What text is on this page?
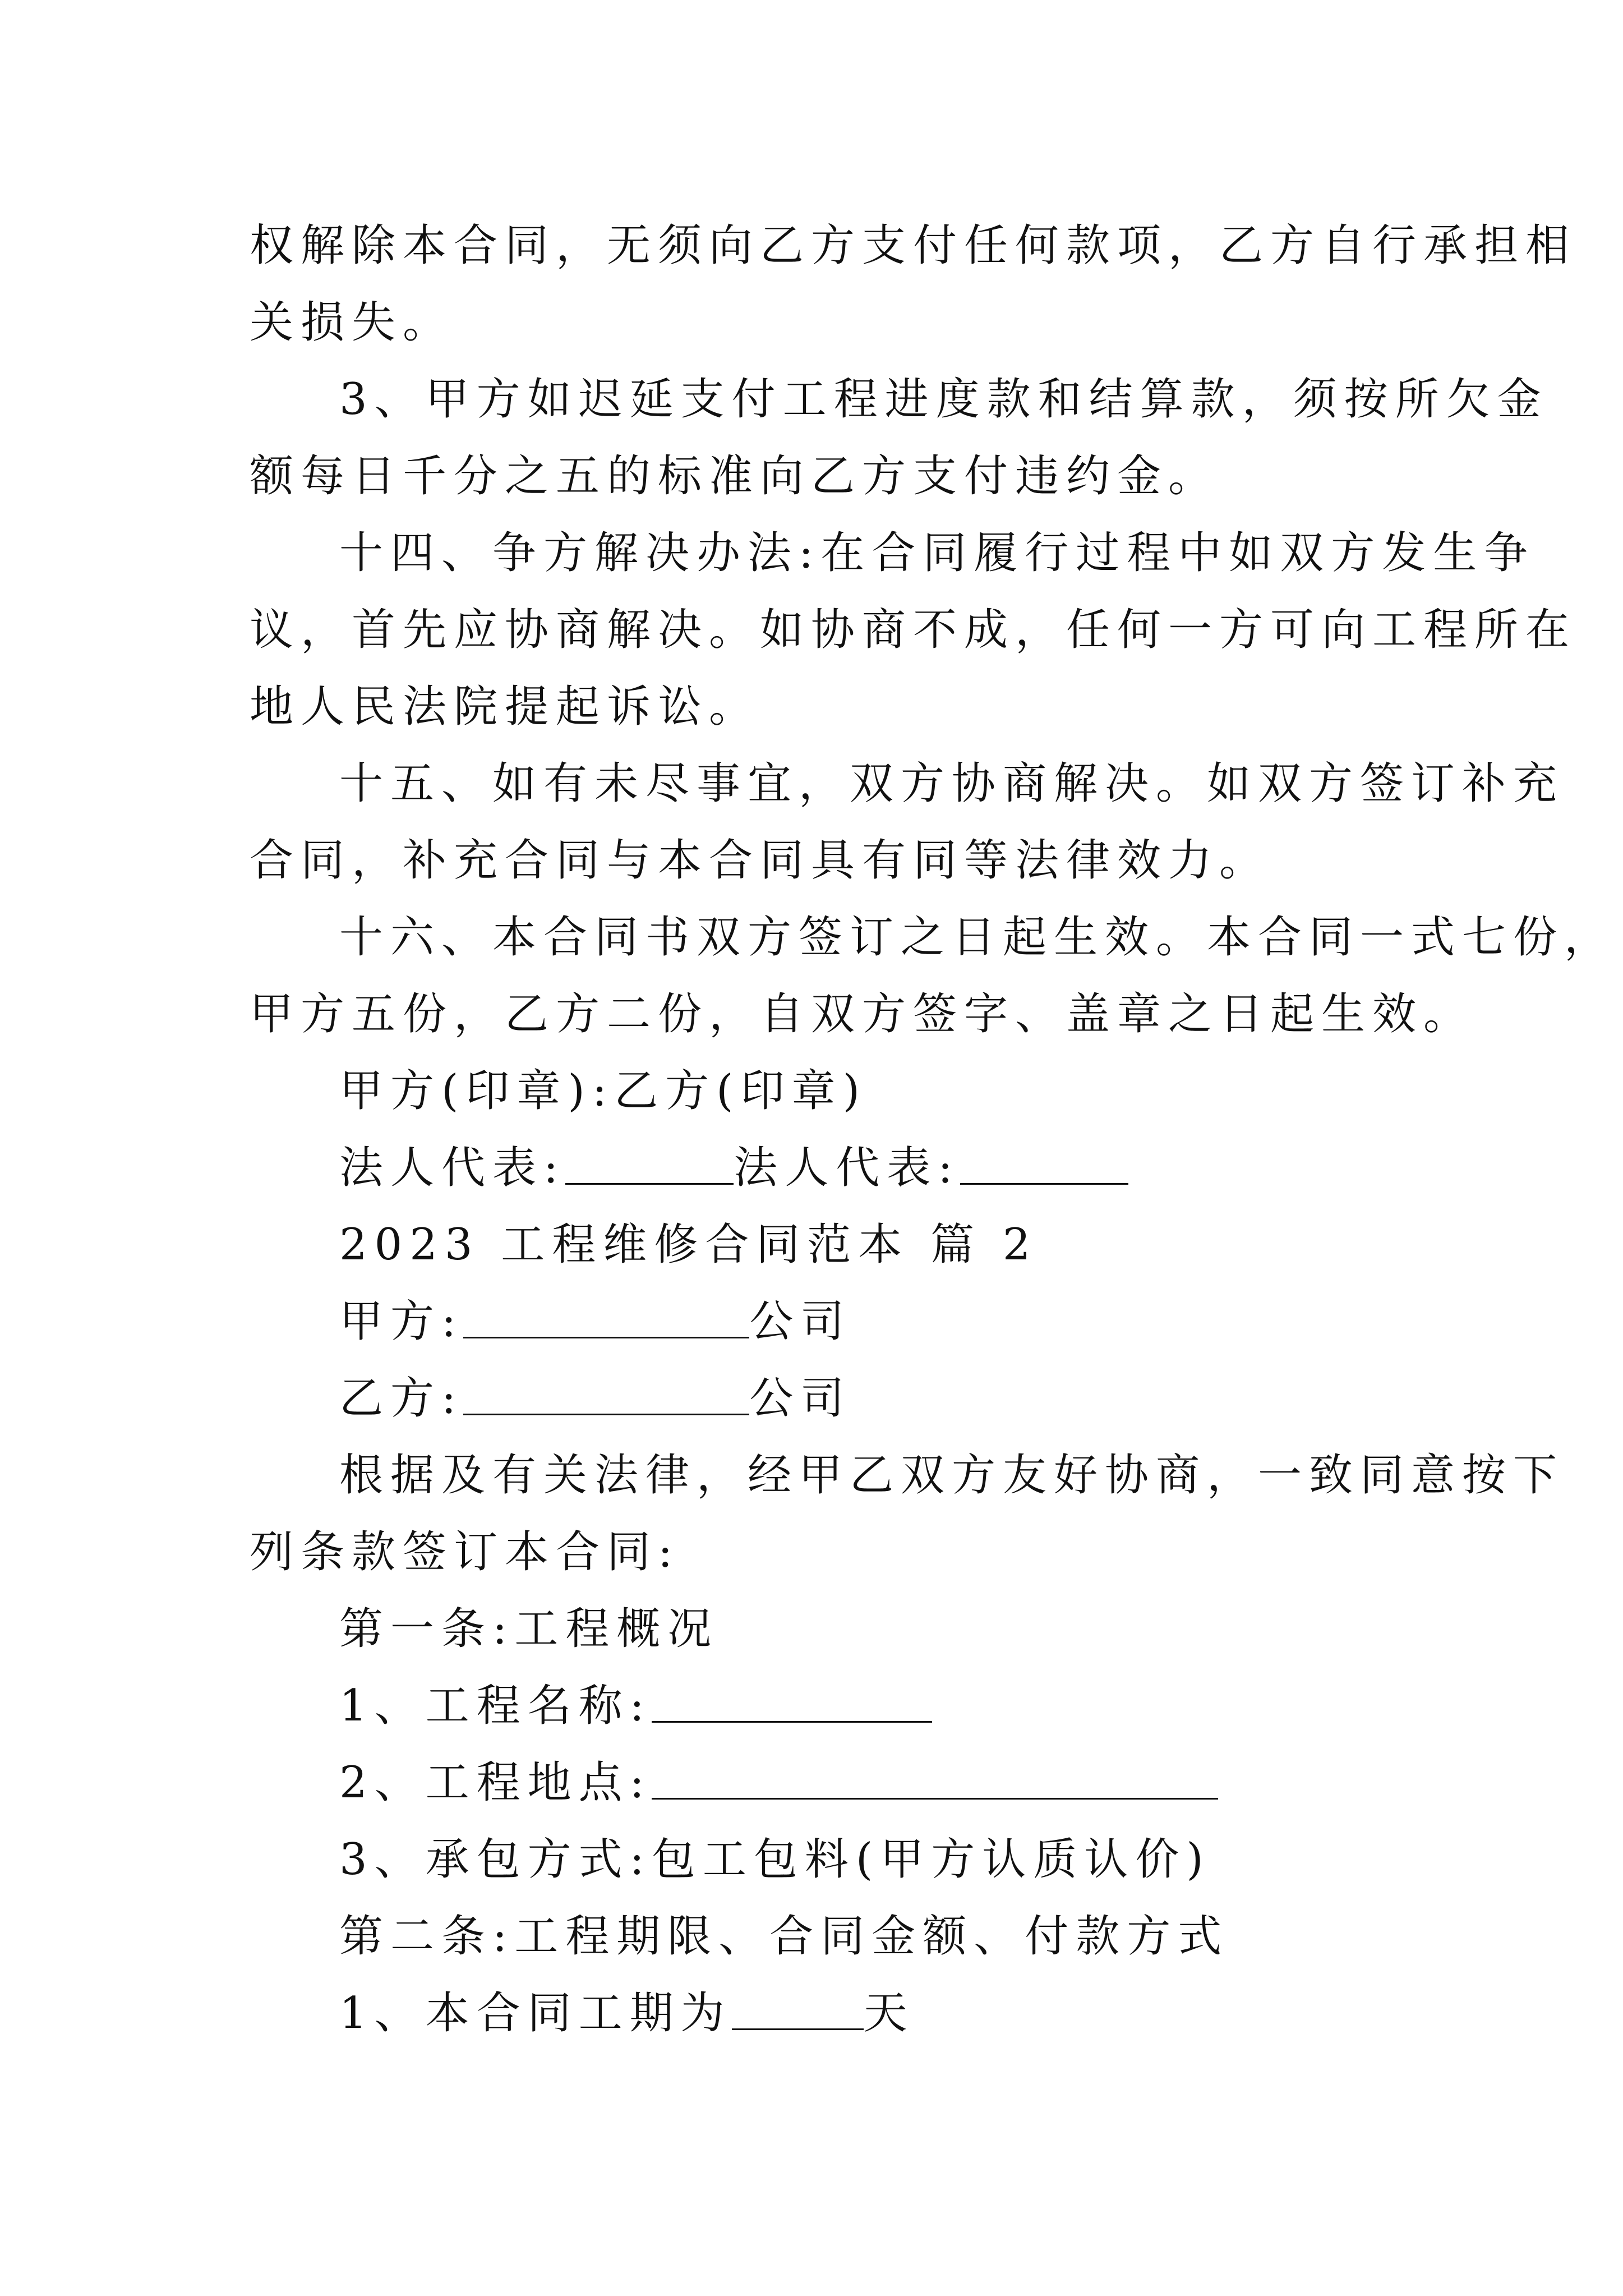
权解除本合同，无须向乙方支付任何款项，乙方自行承担相
关损失。
3、甲方如迟延支付工程进度款和结算款，须按所欠金
额每日千分之五的标准向乙方支付违约金。
十四、争方解决办法:在合同履行过程中如双方发生争
议，首先应协商解决。如协商不成，任何一方可向工程所在
地人民法院提起诉讼。
十五、如有未尽事宜，双方协商解决。如双方签订补充
合同，补充合同与本合同具有同等法律效力。
十六、本合同书双方签订之日起生效。本合同一式七份，
甲方五份，乙方二份，自双方签字、盖章之日起生效。
甲方(印章):乙方(印章)
法人代表:	法人代表:
2023 工程维修合同范本 篇 2
甲方:	公司
乙方:	公司
根据及有关法律，经甲乙双方友好协商，一致同意按下
列条款签订本合同:
第一条:工程概况
1、工程名称:
2、工程地点:
3、承包方式:包工包料(甲方认质认价)
第二条:工程期限、合同金额、付款方式
1、本合同工期为	天
